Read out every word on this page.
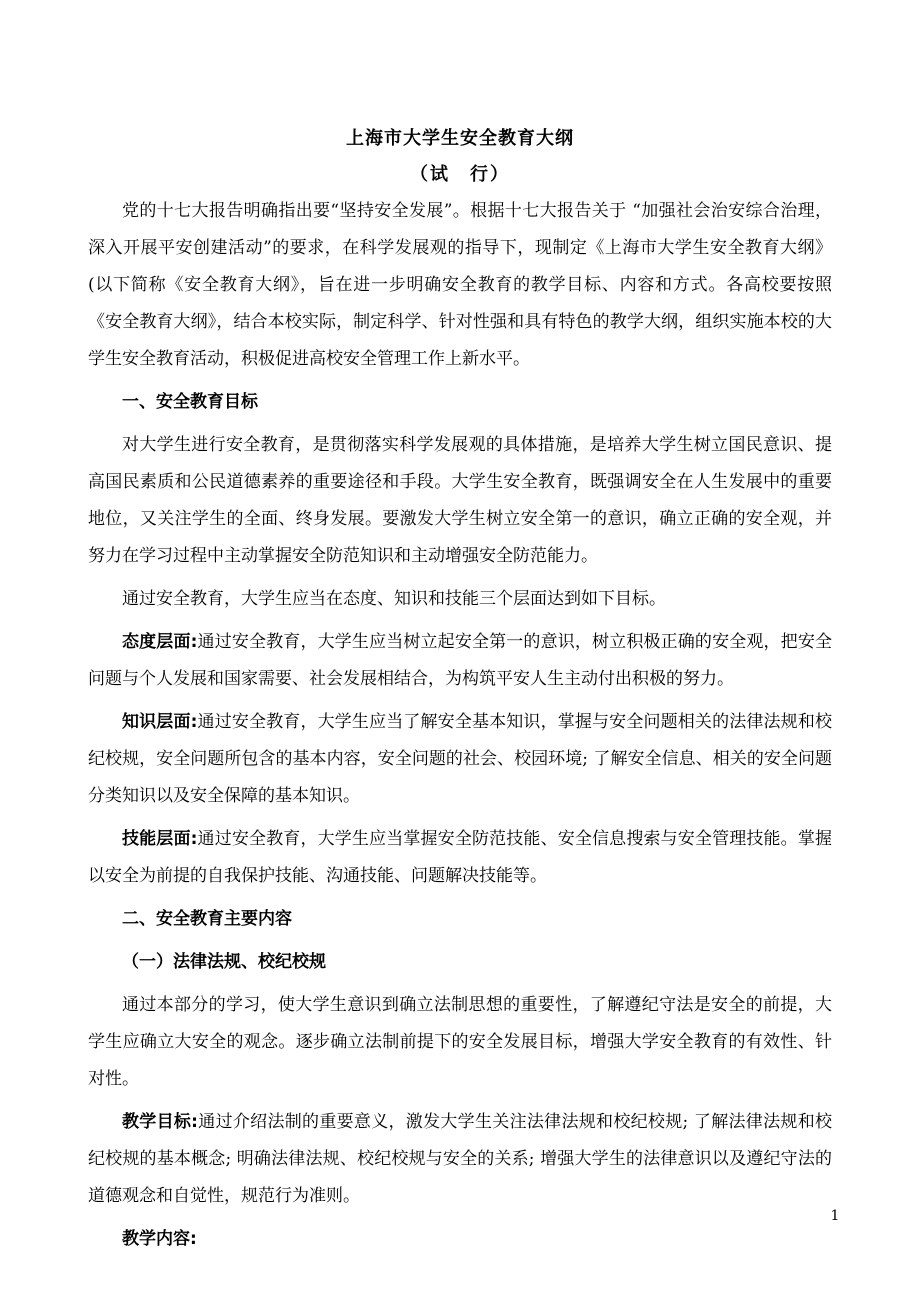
上海市大学生安全教育大纲
（试　行）

党的十七大报告明确指出要“坚持安全发展”。根据十七大报告关于 “加强社会治安综合治理，深入开展平安创建活动”的要求，在科学发展观的指导下，现制定《上海市大学生安全教育大纲》(以下简称《安全教育大纲》，旨在进一步明确安全教育的教学目标、内容和方式。各高校要按照《安全教育大纲》，结合本校实际，制定科学、针对性强和具有特色的教学大纲，组织实施本校的大学生安全教育活动，积极促进高校安全管理工作上新水平。

一、安全教育目标

对大学生进行安全教育，是贯彻落实科学发展观的具体措施，是培养大学生树立国民意识、提高国民素质和公民道德素养的重要途径和手段。大学生安全教育，既强调安全在人生发展中的重要地位，又关注学生的全面、终身发展。要激发大学生树立安全第一的意识，确立正确的安全观，并努力在学习过程中主动掌握安全防范知识和主动增强安全防范能力。

通过安全教育，大学生应当在态度、知识和技能三个层面达到如下目标。

态度层面:通过安全教育，大学生应当树立起安全第一的意识，树立积极正确的安全观，把安全问题与个人发展和国家需要、社会发展相结合，为构筑平安人生主动付出积极的努力。

知识层面:通过安全教育，大学生应当了解安全基本知识，掌握与安全问题相关的法律法规和校纪校规，安全问题所包含的基本内容，安全问题的社会、校园环境; 了解安全信息、相关的安全问题分类知识以及安全保障的基本知识。

技能层面:通过安全教育，大学生应当掌握安全防范技能、安全信息搜索与安全管理技能。掌握以安全为前提的自我保护技能、沟通技能、问题解决技能等。

二、安全教育主要内容

（一）法律法规、校纪校规

通过本部分的学习，使大学生意识到确立法制思想的重要性，了解遵纪守法是安全的前提，大学生应确立大安全的观念。逐步确立法制前提下的安全发展目标，增强大学安全教育的有效性、针对性。

教学目标:通过介绍法制的重要意义，激发大学生关注法律法规和校纪校规; 了解法律法规和校纪校规的基本概念; 明确法律法规、校纪校规与安全的关系; 增强大学生的法律意识以及遵纪守法的道德观念和自觉性，规范行为准则。

教学内容:

1
